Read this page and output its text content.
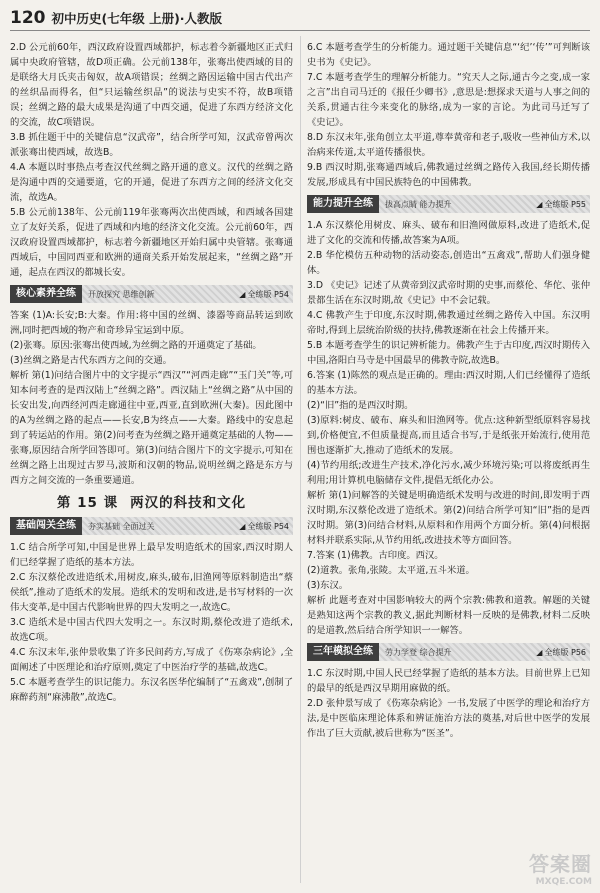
120 初中历史(七年级 上册)·人教版

2.D 公元前60年，西汉政府设置西域都护，标志着今新疆地区正式归属中央政府管辖，故D项正确。公元前138年，张骞出使西域的目的是联络大月氏夹击匈奴，故A项错误；丝绸之路因运输中国古代出产的丝织品而得名，但“只运输丝织品”的说法与史实不符，故B项错误；丝绸之路的最大成果是沟通了中西交通，促进了东西方经济文化的交流，故C项错误。

3.B 抓住题干中的关键信息“汉武帝”，结合所学可知，汉武帝曾两次派张骞出使西域，故选B。

4.A 本题以时事热点考查汉代丝绸之路开通的意义。汉代的丝绸之路是沟通中西的交通要道，它的开通，促进了东西方之间的经济文化交流，故选A。

5.B 公元前138年、公元前119年张骞两次出使西域，和西域各国建立了友好关系，促进了西域和内地的经济文化交流。公元前60年，西汉政府设置西域都护，标志着今新疆地区开始归属中央管辖。张骞通西域后，中国同西亚和欧洲的通商关系开始发展起来，“丝绸之路”开通，起点在西汉的都城长安。

核心素养全练	开放探究 思维创新	◢ 全练版 P54

答案 (1)A:长安;B:大秦。作用:将中国的丝绸、漆器等商品转运到欧洲,同时把西域的物产和奇珍异宝运到中原。

(2)张骞。原因:张骞出使西域,为丝绸之路的开通奠定了基础。

(3)丝绸之路是古代东西方之间的交通。

解析 第(1)问结合图片中的文字提示“西汉”“河西走廊”“玉门关”等,可知本问考查的是西汉陆上“丝绸之路”。西汉陆上“丝绸之路”从中国的长安出发,向西经河西走廊通往中亚,西亚,直到欧洲(大秦)。因此图中的A为丝绸之路的起点——长安,B为终点——大秦。路线中的安息起到了转运站的作用。第(2)问考查为丝绸之路开通奠定基础的人物——张骞,原因结合所学回答即可。第(3)问结合图片下的文字提示,可知在丝绸之路上出现过古罗马,波斯和汉朝的物品,说明丝绸之路是东方与西方之间交流的一条重要通道。

第 15 课 两汉的科技和文化
基础闯关全练	夯实基础 全面过关	◢ 全练版 P54

1.C 结合所学可知,中国是世界上最早发明造纸术的国家,西汉时期人们已经掌握了造纸的基本方法。

2.C 东汉蔡伦改进造纸术,用树皮,麻头,破布,旧渔网等原料制造出“蔡侯纸”,推动了造纸术的发展。造纸术的发明和改进,是书写材料的一次伟大变革,是中国古代影响世界的四大发明之一,故选C。

3.C 造纸术是中国古代四大发明之一。东汉时期,蔡伦改进了造纸术,故选C项。

4.C 东汉末年,张仲景收集了许多民间药方,写成了《伤寒杂病论》,全面阐述了中医理论和治疗原则,奠定了中医治疗学的基础,故选C。

5.C 本题考查学生的识记能力。东汉名医华佗编制了“五禽戏”,创制了麻醉药剂“麻沸散”,故选C。

6.C 本题考查学生的分析能力。通过题干关键信息“‘纪’‘传’”可判断该史书为《史记》。

7.C 本题考查学生的理解分析能力。“究天人之际,通古今之变,成一家之言”出自司马迁的《报任少卿书》,意思是:想探求天道与人事之间的关系,贯通古往今来变化的脉络,成为一家的言论。为此司马迁写了《史记》。

8.D 东汉末年,张角创立太平道,尊奉黄帝和老子,吸收一些神仙方术,以治病来传道,太平道传播很快。

9.B 西汉时期,张骞通西域后,佛教通过丝绸之路传入我国,经长期传播发展,形成具有中国民族特色的中国佛教。

能力提升全练	拔高点睛 能力提升	◢ 全练版 P55

1.A 东汉蔡伦用树皮、麻头、破布和旧渔网做原料,改进了造纸术,促进了文化的交流和传播,故答案为A项。

2.B 华佗模仿五种动物的活动姿态,创造出“五禽戏”,帮助人们强身健体。

3.D 《史记》记述了从黄帝到汉武帝时期的史事,而蔡伦、华佗、张仲景都生活在东汉时期,故《史记》中不会记载。

4.C 佛教产生于印度,东汉时期,佛教通过丝绸之路传入中国。东汉明帝时,得到上层统治阶级的扶持,佛教逐渐在社会上传播开来。

5.B 本题考查学生的识记辨析能力。佛教产生于古印度,西汉时期传入中国,洛阳白马寺是中国最早的佛教寺院,故选B。

6.答案 (1)陈然的观点是正确的。理由:西汉时期,人们已经懂得了造纸的基本方法。

(2)“旧”指的是西汉时期。

(3)原料:树皮、破布、麻头和旧渔网等。优点:这种新型纸原料容易找到,价格便宜,不但质量提高,而且适合书写,于是纸张开始流行,使用范围也逐渐扩大,推动了造纸术的发展。

(4)节约用纸;改进生产技术,净化污水,减少环境污染;可以将废纸再生利用;用计算机电脑储存文件,提倡无纸化办公。

解析 第(1)问解答的关键是明确造纸术发明与改进的时间,即发明于西汉时期,东汉蔡伦改进了造纸术。第(2)问结合所学可知“旧”指的是西汉时期。第(3)问结合材料,从原料和作用两个方面分析。第(4)问根据材料并联系实际,从节约用纸,改进技术等方面回答。

7.答案 (1)佛教。古印度。西汉。

(2)道教。张角,张陵。太平道,五斗米道。

(3)东汉。

解析 此题考查对中国影响较大的两个宗教:佛教和道教。解题的关键是熟知这两个宗教的教义,据此判断材料一反映的是佛教,材料二反映的是道教,然后结合所学知识一一解答。

三年模拟全练	劳力学登 综合提升	◢ 全练版 P56

1.C 东汉时期,中国人民已经掌握了造纸的基本方法。目前世界上已知的最早的纸是西汉早期用麻做的纸。

2.D 张仲景写成了《伤寒杂病论》一书,发展了中医学的理论和治疗方法,是中医临床理论体系和辨证施治方法的奠基,对后世中医学的发展作出了巨大贡献,被后世称为“医圣”。

答案圈
MXQE.COM
